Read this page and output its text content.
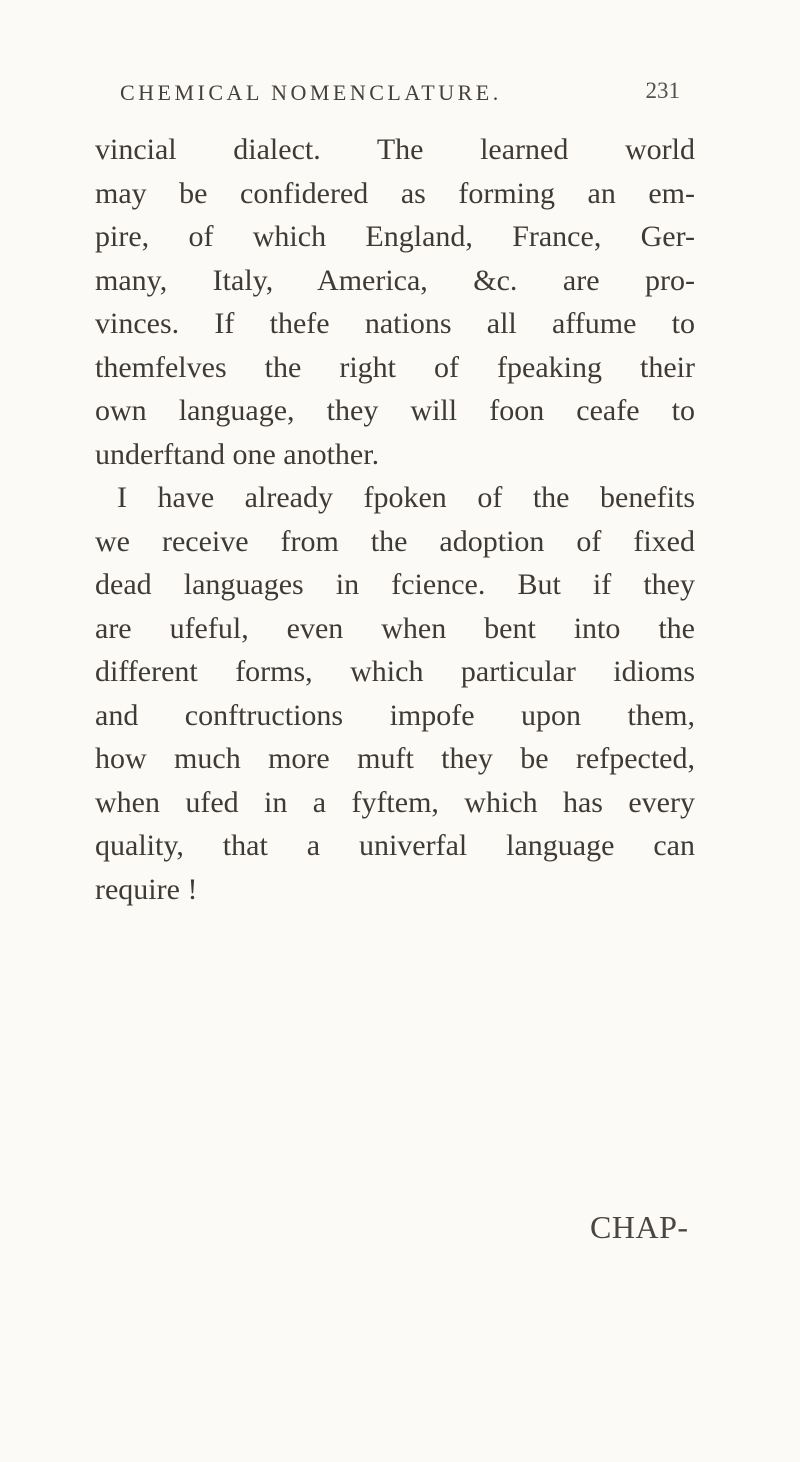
CHEMICAL NOMENCLATURE.	231
vincial dialect. The learned world
may be confidered as forming an em-
pire, of which England, France, Ger-
many, Italy, America, &c. are pro-
vinces. If thefe nations all affume to
themfelves the right of fpeaking their
own language, they will foon ceafe to
underftand one another.
I have already fpoken of the benefits
we receive from the adoption of fixed
dead languages in fcience. But if they
are ufeful, even when bent into the
different forms, which particular idioms
and conftructions impofe upon them,
how much more muft they be refpected,
when ufed in a fyftem, which has every
quality, that a univerfal language can
require !
CHAP-
